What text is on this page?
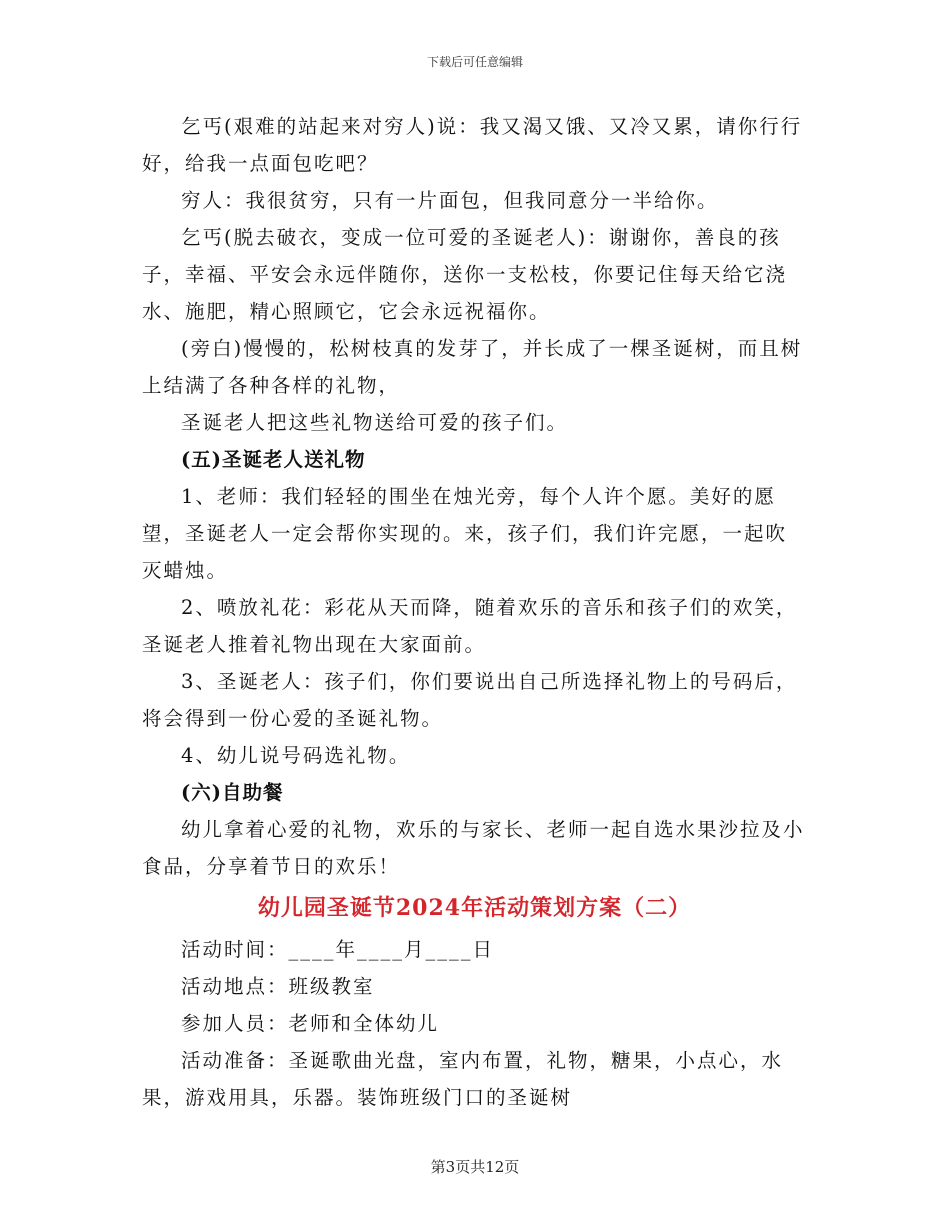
下载后可任意编辑

乞丐(艰难的站起来对穷人)说：我又渴又饿、又冷又累，请你行行好，给我一点面包吃吧？

穷人：我很贫穷，只有一片面包，但我同意分一半给你。

乞丐(脱去破衣，变成一位可爱的圣诞老人)：谢谢你，善良的孩子，幸福、平安会永远伴随你，送你一支松枝，你要记住每天给它浇水、施肥，精心照顾它，它会永远祝福你。

(旁白)慢慢的，松树枝真的发芽了，并长成了一棵圣诞树，而且树上结满了各种各样的礼物，

圣诞老人把这些礼物送给可爱的孩子们。

(五)圣诞老人送礼物

1、老师：我们轻轻的围坐在烛光旁，每个人许个愿。美好的愿望，圣诞老人一定会帮你实现的。来，孩子们，我们许完愿，一起吹灭蜡烛。

2、喷放礼花：彩花从天而降，随着欢乐的音乐和孩子们的欢笑，圣诞老人推着礼物出现在大家面前。

3、圣诞老人：孩子们，你们要说出自己所选择礼物上的号码后，将会得到一份心爱的圣诞礼物。

4、幼儿说号码选礼物。

(六)自助餐

幼儿拿着心爱的礼物，欢乐的与家长、老师一起自选水果沙拉及小食品，分享着节日的欢乐！

幼儿园圣诞节2024年活动策划方案（二）

活动时间：____年____月____日

活动地点：班级教室

参加人员：老师和全体幼儿

活动准备：圣诞歌曲光盘，室内布置，礼物，糖果，小点心，水果，游戏用具，乐器。装饰班级门口的圣诞树

第3页共12页
